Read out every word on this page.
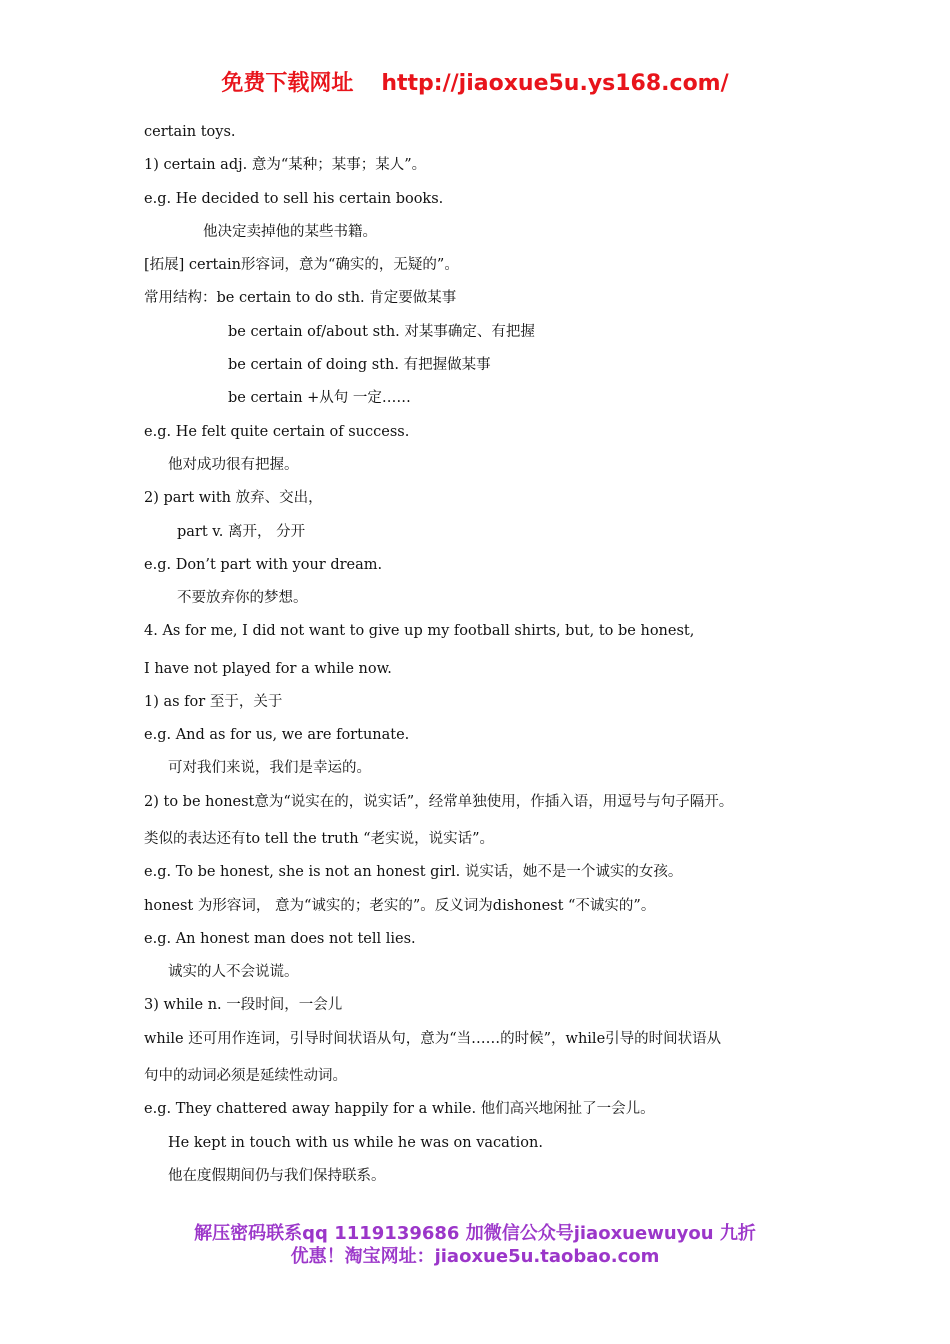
免费下载网址 http://jiaoxue5u.ys168.com/
certain toys.
1) certain adj. 意为“某种；某事；某人”。
e.g. He decided to sell his certain books.
他决定卖掉他的某些书籍。
[拓展] certain形容词，意为“确实的，无疑的”。
常用结构：be certain to do sth. 肯定要做某事
be certain of/about sth. 对某事确定、有把握
be certain of doing sth. 有把握做某事
be certain +从句 一定……
e.g. He felt quite certain of success.
他对成功很有把握。
2) part with 放弃、交出，
part v. 离开， 分开
e.g. Don’t part with your dream.
不要放弃你的梦想。
4. As for me, I did not want to give up my football shirts, but, to be honest,
I have not played for a while now.
1) as for 至于，关于
e.g. And as for us, we are fortunate.
可对我们来说，我们是幸运的。
2) to be honest意为“说实在的，说实话”，经常单独使用，作插入语，用逗号与句子隔开。
类似的表达还有to tell the truth “老实说，说实话”。
e.g. To be honest, she is not an honest girl. 说实话，她不是一个诚实的女孩。
honest 为形容词， 意为“诚实的；老实的”。反义词为dishonest “不诚实的”。
e.g. An honest man does not tell lies.
诚实的人不会说谎。
3) while n. 一段时间，一会儿
while 还可用作连词，引导时间状语从句，意为“当……的时候”，while引导的时间状语从
句中的动词必须是延续性动词。
e.g. They chattered away happily for a while. 他们高兴地闲扯了一会儿。
He kept in touch with us while he was on vacation.
他在度假期间仍与我们保持联系。
解压密码联系qq 1119139686 加微信公众号jiaoxuewuyou 九折
优惠！淘宝网址：jiaoxue5u.taobao.com
